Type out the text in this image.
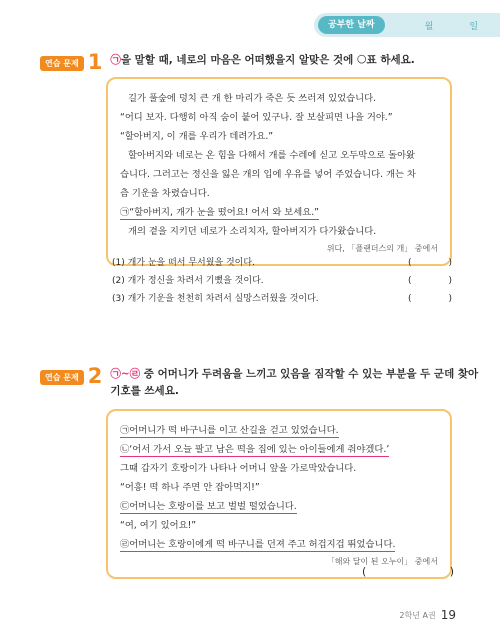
공부한 날짜	월	일
연습 문제 1 ㉠을 말할 때, 네로의 마음은 어떠했을지 알맞은 것에 ○표 하세요.

길가 풀숲에 덩치 큰 개 한 마리가 죽은 듯 쓰러져 있었습니다.

“어디 보자. 다행히 아직 숨이 붙어 있구나. 잘 보살피면 나을 거야.”

“할아버지, 이 개를 우리가 데려가요.”

할아버지와 네로는 온 힘을 다해서 개를 수레에 싣고 오두막으로 돌아왔

습니다. 그러고는 정신을 잃은 개의 입에 우유를 넣어 주었습니다. 개는 차

츰 기운을 차렸습니다.

㉠“할아버지, 개가 눈을 떴어요! 어서 와 보세요.”

개의 곁을 지키던 네로가 소리치자, 할아버지가 다가왔습니다.

위다, 「플랜더스의 개」 중에서
(1) 개가 눈을 떠서 무서웠을 것이다.	(	)
(2) 개가 정신을 차려서 기뻤을 것이다.	(	)
(3) 개가 기운을 천천히 차려서 실망스러웠을 것이다.	(	)
연습 문제 2 ㉠~㉣ 중 어머니가 두려움을 느끼고 있음을 짐작할 수 있는 부분을 두 군데 찾아 기호를 쓰세요.

㉠어머니가 떡 바구니를 이고 산길을 걷고 있었습니다.

㉡‘어서 가서 오늘 팔고 남은 떡을 집에 있는 아이들에게 줘야겠다.’

그때 갑자기 호랑이가 나타나 어머니 앞을 가로막았습니다.

“어흥! 떡 하나 주면 안 잡아먹지!”

㉢어머니는 호랑이를 보고 벌벌 떨었습니다.

“여, 여기 있어요!”

㉣어머니는 호랑이에게 떡 바구니를 던져 주고 허겁지겁 뛰었습니다.

「해와 달이 된 오누이」 중에서
(	)
2학년 A권 19
